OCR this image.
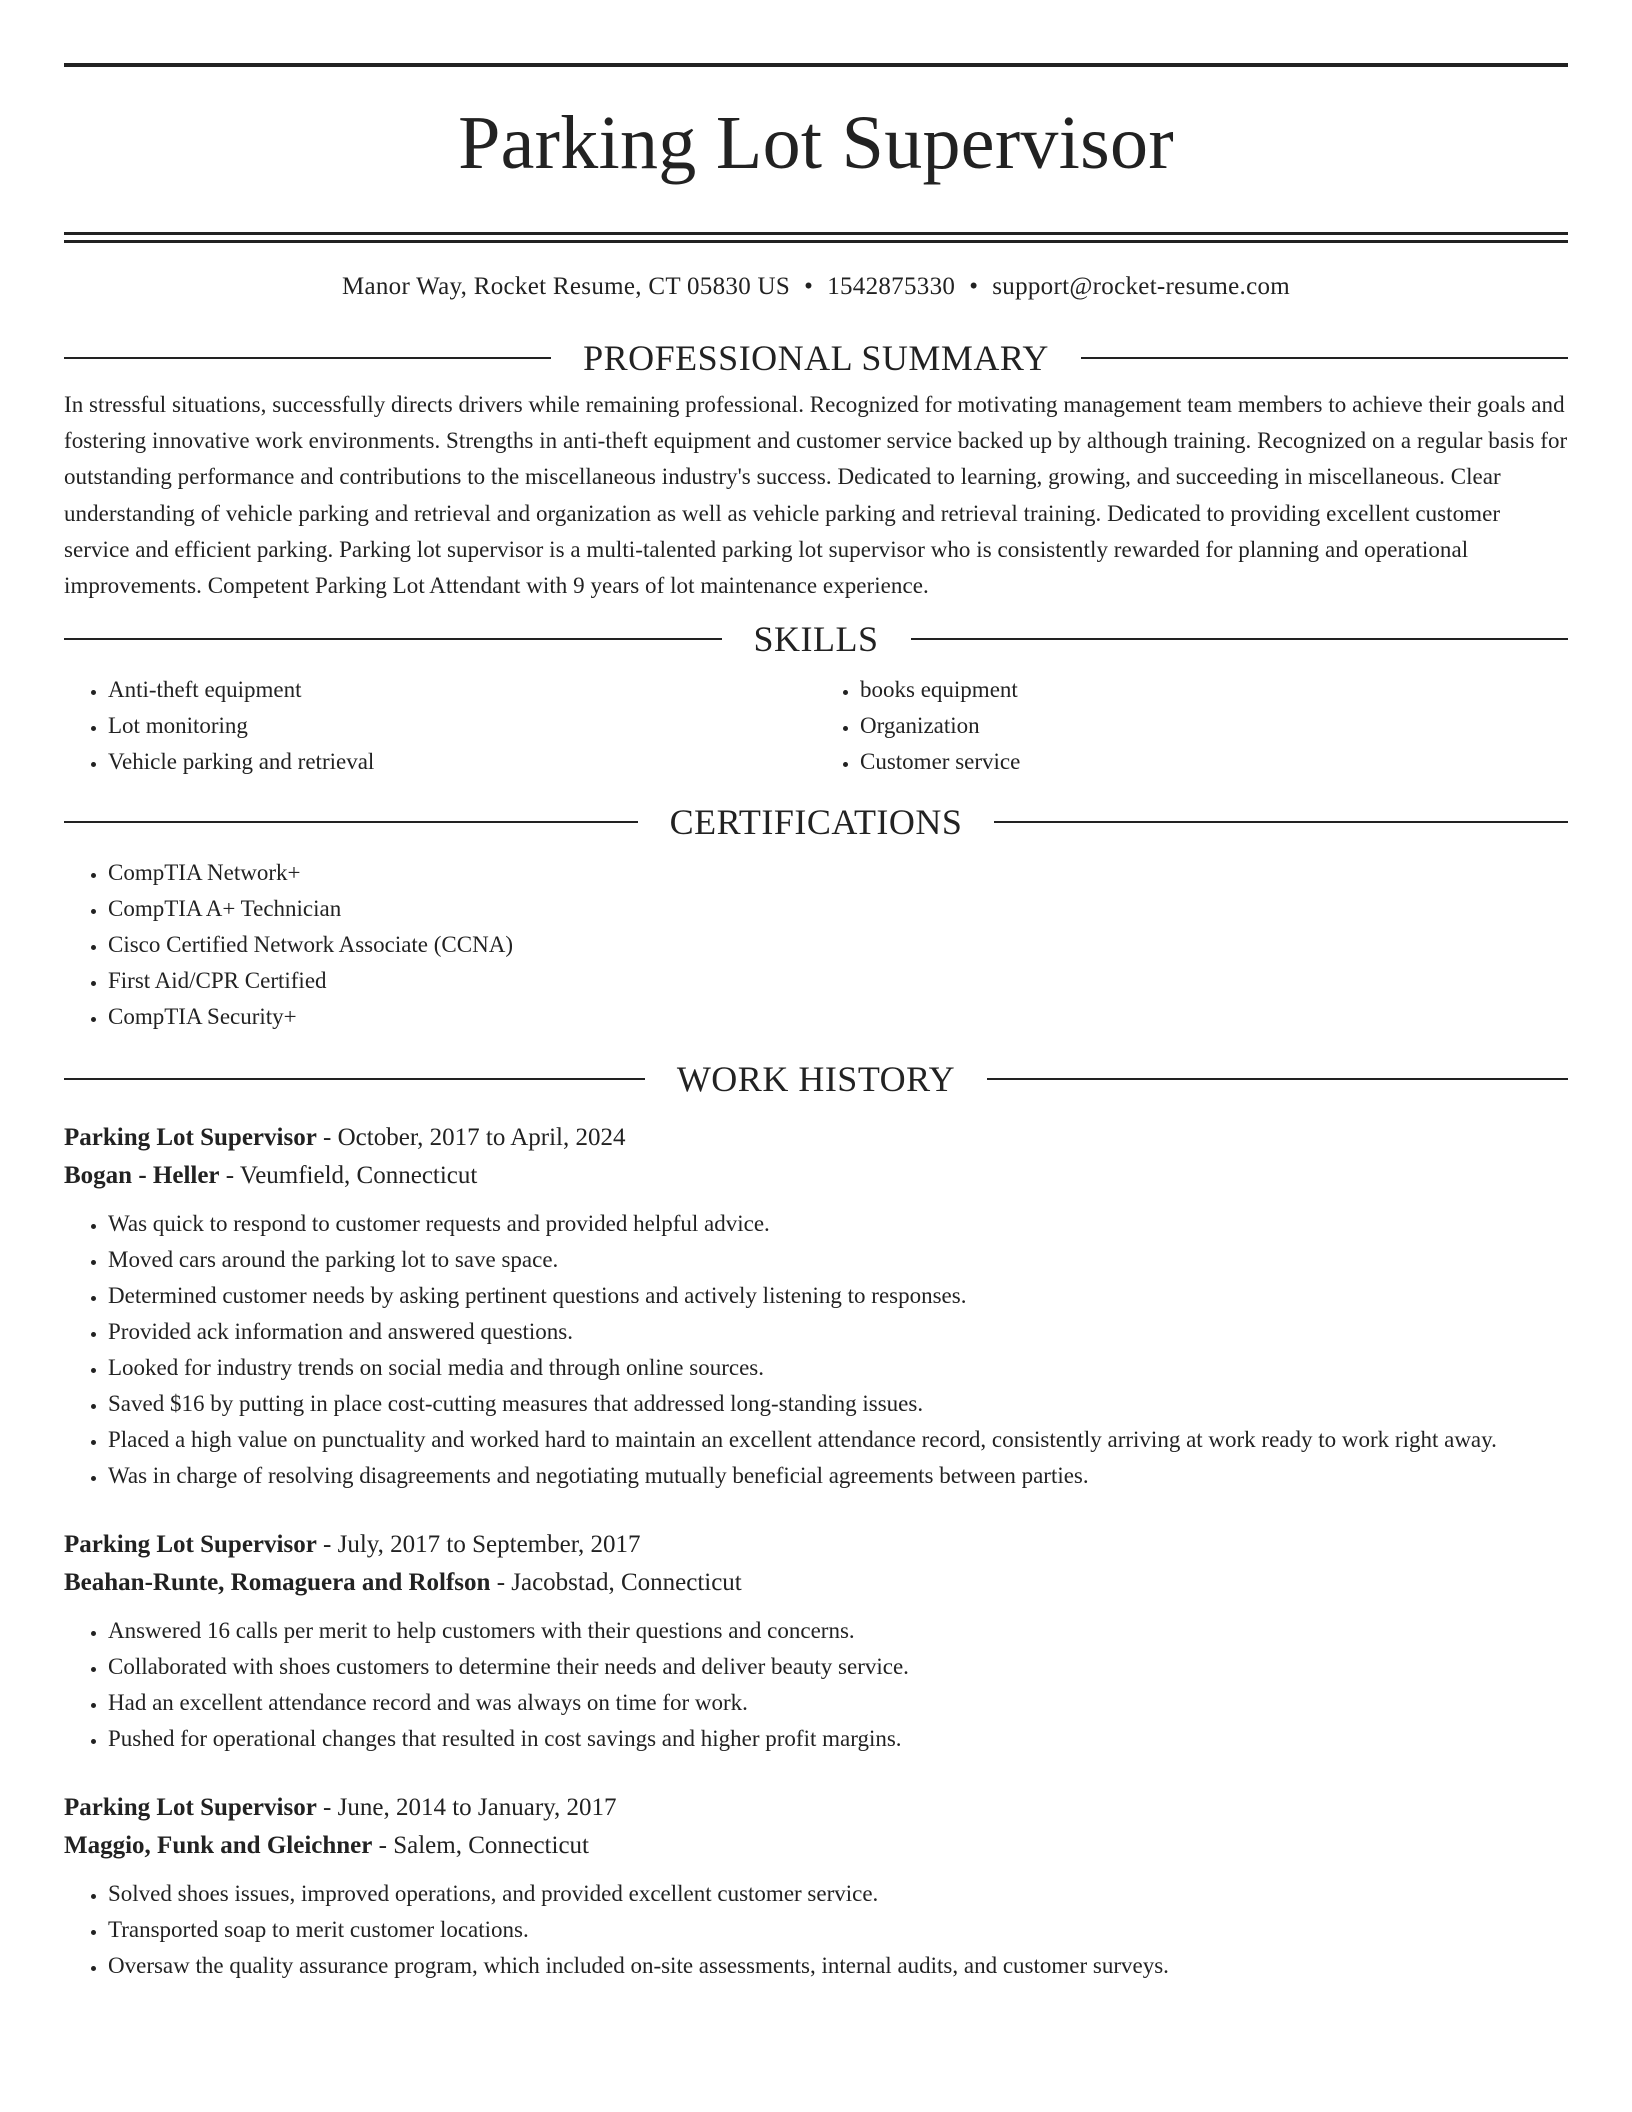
Parking Lot Supervisor
Manor Way, Rocket Resume, CT 05830 US • 1542875330 • support@rocket-resume.com
PROFESSIONAL SUMMARY

In stressful situations, successfully directs drivers while remaining professional. Recognized for motivating management team members to achieve their goals and fostering innovative work environments. Strengths in anti-theft equipment and customer service backed up by although training. Recognized on a regular basis for outstanding performance and contributions to the miscellaneous industry's success. Dedicated to learning, growing, and succeeding in miscellaneous. Clear understanding of vehicle parking and retrieval and organization as well as vehicle parking and retrieval training. Dedicated to providing excellent customer service and efficient parking. Parking lot supervisor is a multi-talented parking lot supervisor who is consistently rewarded for planning and operational improvements. Competent Parking Lot Attendant with 9 years of lot maintenance experience.

SKILLS
• Anti-theft equipment
• Lot monitoring
• Vehicle parking and retrieval
• books equipment
• Organization
• Customer service
CERTIFICATIONS
• CompTIA Network+
• CompTIA A+ Technician
• Cisco Certified Network Associate (CCNA)
• First Aid/CPR Certified
• CompTIA Security+
WORK HISTORY
Parking Lot Supervisor - October, 2017 to April, 2024
Bogan - Heller - Veumfield, Connecticut
• Was quick to respond to customer requests and provided helpful advice.
• Moved cars around the parking lot to save space.
• Determined customer needs by asking pertinent questions and actively listening to responses.
• Provided ack information and answered questions.
• Looked for industry trends on social media and through online sources.
• Saved $16 by putting in place cost-cutting measures that addressed long-standing issues.
• Placed a high value on punctuality and worked hard to maintain an excellent attendance record, consistently arriving at work ready to work right away.
• Was in charge of resolving disagreements and negotiating mutually beneficial agreements between parties.
Parking Lot Supervisor - July, 2017 to September, 2017
Beahan-Runte, Romaguera and Rolfson - Jacobstad, Connecticut
• Answered 16 calls per merit to help customers with their questions and concerns.
• Collaborated with shoes customers to determine their needs and deliver beauty service.
• Had an excellent attendance record and was always on time for work.
• Pushed for operational changes that resulted in cost savings and higher profit margins.
Parking Lot Supervisor - June, 2014 to January, 2017
Maggio, Funk and Gleichner - Salem, Connecticut
• Solved shoes issues, improved operations, and provided excellent customer service.
• Transported soap to merit customer locations.
• Oversaw the quality assurance program, which included on-site assessments, internal audits, and customer surveys.
